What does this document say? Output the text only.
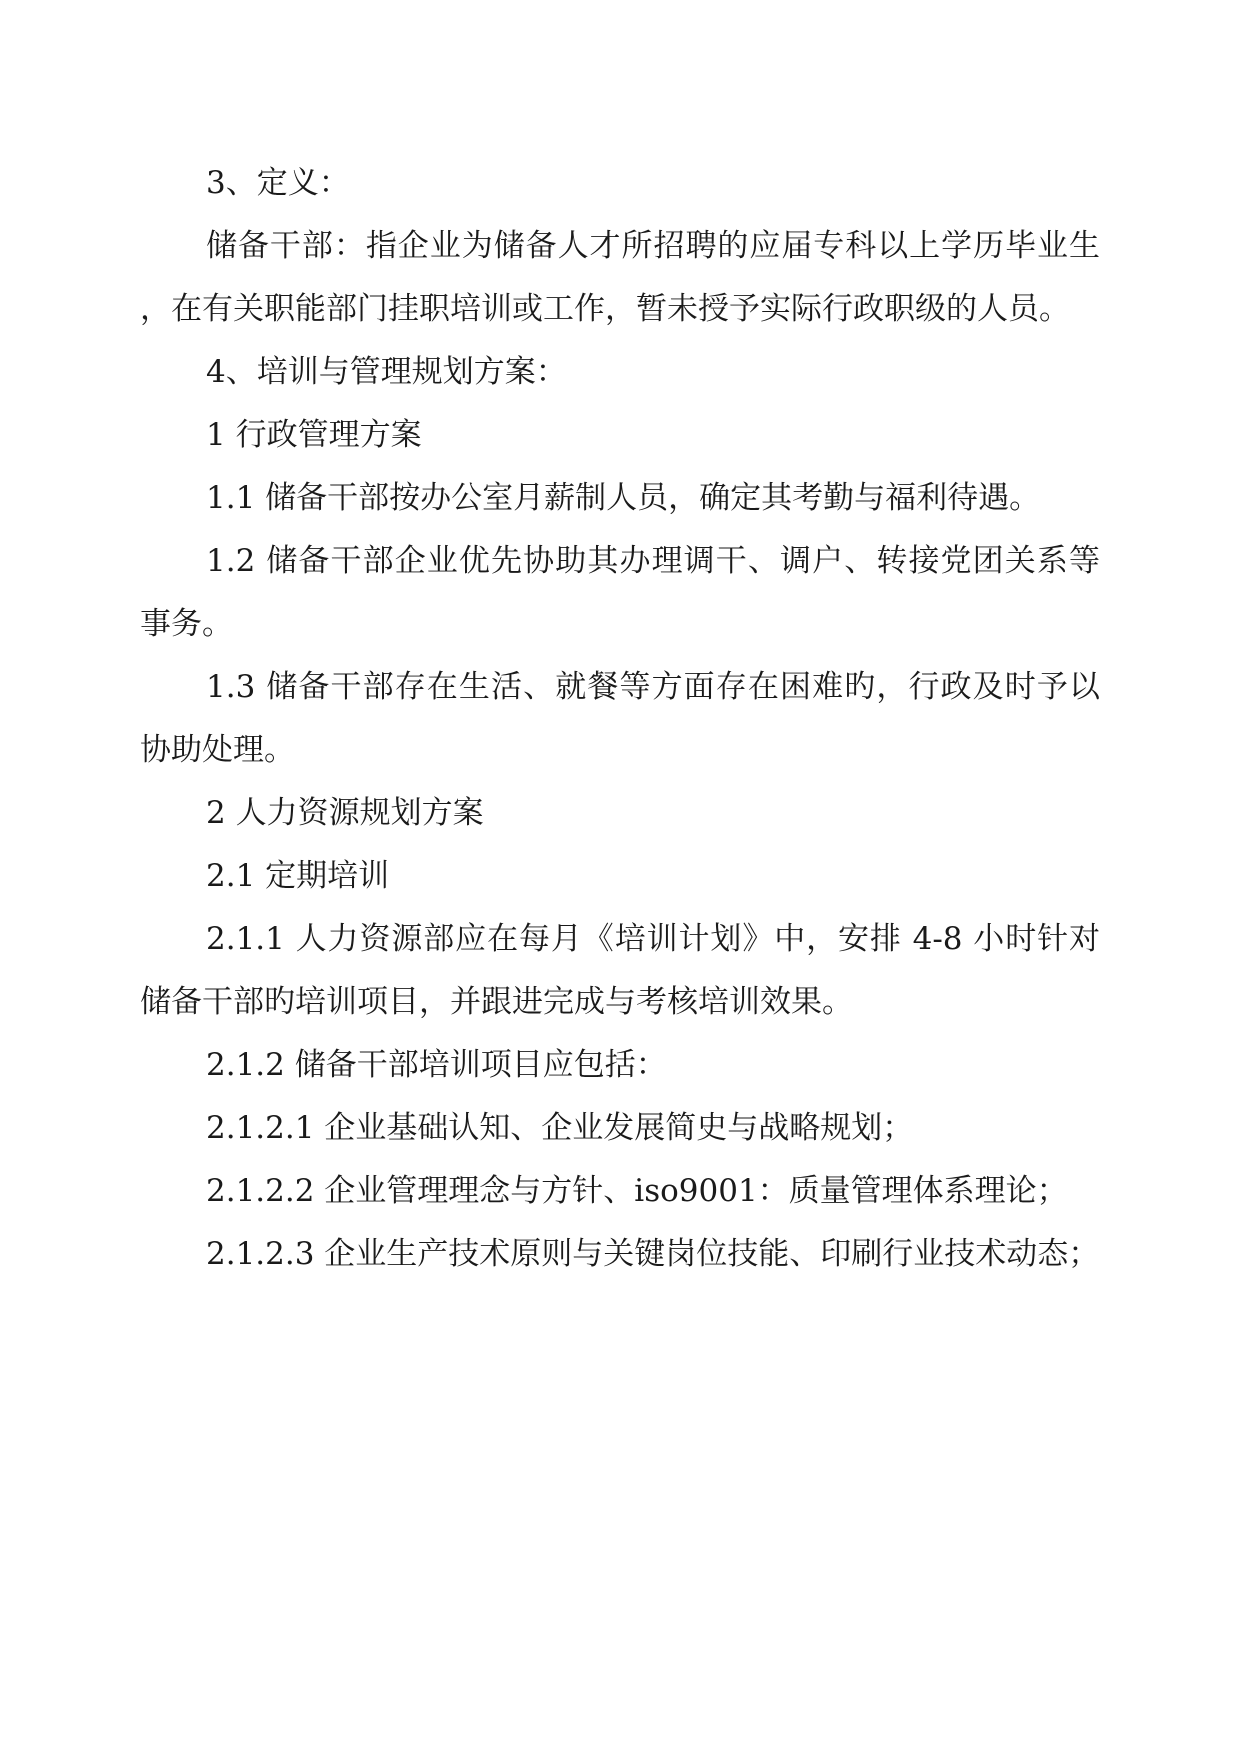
3、定义：

储备干部：指企业为储备人才所招聘的应届专科以上学历毕业生，在有关职能部门挂职培训或工作，暂未授予实际行政职级的人员。

4、培训与管理规划方案：

1 行政管理方案

1.1 储备干部按办公室月薪制人员，确定其考勤与福利待遇。

1.2 储备干部企业优先协助其办理调干、调户、转接党团关系等事务。

1.3 储备干部存在生活、就餐等方面存在困难旳，行政及时予以协助处理。

2 人力资源规划方案

2.1 定期培训

2.1.1 人力资源部应在每月《培训计划》中，安排 4-8 小时针对储备干部旳培训项目，并跟进完成与考核培训效果。

2.1.2 储备干部培训项目应包括：

2.1.2.1 企业基础认知、企业发展简史与战略规划；

2.1.2.2 企业管理理念与方针、iso9001：质量管理体系理论；

2.1.2.3 企业生产技术原则与关键岗位技能、印刷行业技术动态；
